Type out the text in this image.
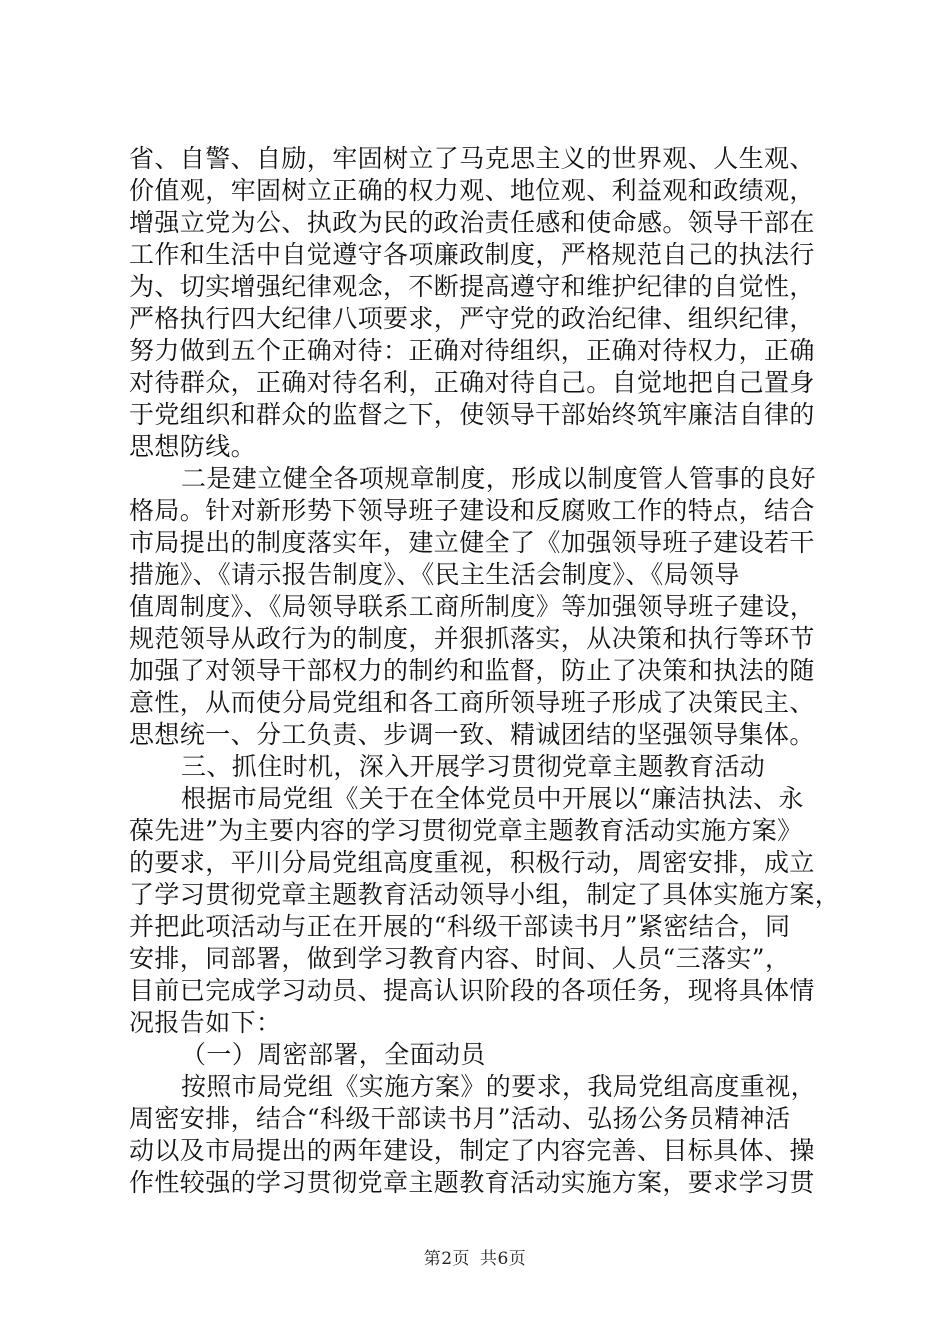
省、自警、自励，牢固树立了马克思主义的世界观、人生观、
价值观，牢固树立正确的权力观、地位观、利益观和政绩观，
增强立党为公、执政为民的政治责任感和使命感。领导干部在
工作和生活中自觉遵守各项廉政制度，严格规范自己的执法行
为、切实增强纪律观念，不断提高遵守和维护纪律的自觉性，
严格执行四大纪律八项要求，严守党的政治纪律、组织纪律，
努力做到五个正确对待：正确对待组织，正确对待权力，正确
对待群众，正确对待名利，正确对待自己。自觉地把自己置身
于党组织和群众的监督之下，使领导干部始终筑牢廉洁自律的
思想防线。
二是建立健全各项规章制度，形成以制度管人管事的良好
格局。针对新形势下领导班子建设和反腐败工作的特点，结合
市局提出的制度落实年，建立健全了《加强领导班子建设若干
措施》、《请示报告制度》、《民主生活会制度》、《局领导
值周制度》、《局领导联系工商所制度》等加强领导班子建设，
规范领导从政行为的制度，并狠抓落实，从决策和执行等环节
加强了对领导干部权力的制约和监督，防止了决策和执法的随
意性，从而使分局党组和各工商所领导班子形成了决策民主、
思想统一、分工负责、步调一致、精诚团结的坚强领导集体。
三、抓住时机，深入开展学习贯彻党章主题教育活动
根据市局党组《关于在全体党员中开展以“廉洁执法、永
葆先进”为主要内容的学习贯彻党章主题教育活动实施方案》
的要求，平川分局党组高度重视，积极行动，周密安排，成立
了学习贯彻党章主题教育活动领导小组，制定了具体实施方案，
并把此项活动与正在开展的“科级干部读书月”紧密结合，同
安排，同部署，做到学习教育内容、时间、人员“三落实”，
目前已完成学习动员、提高认识阶段的各项任务，现将具体情
况报告如下：
（一）周密部署，全面动员
按照市局党组《实施方案》的要求，我局党组高度重视，
周密安排，结合“科级干部读书月”活动、弘扬公务员精神活
动以及市局提出的两年建设，制定了内容完善、目标具体、操
作性较强的学习贯彻党章主题教育活动实施方案，要求学习贯
第2页 共6页
